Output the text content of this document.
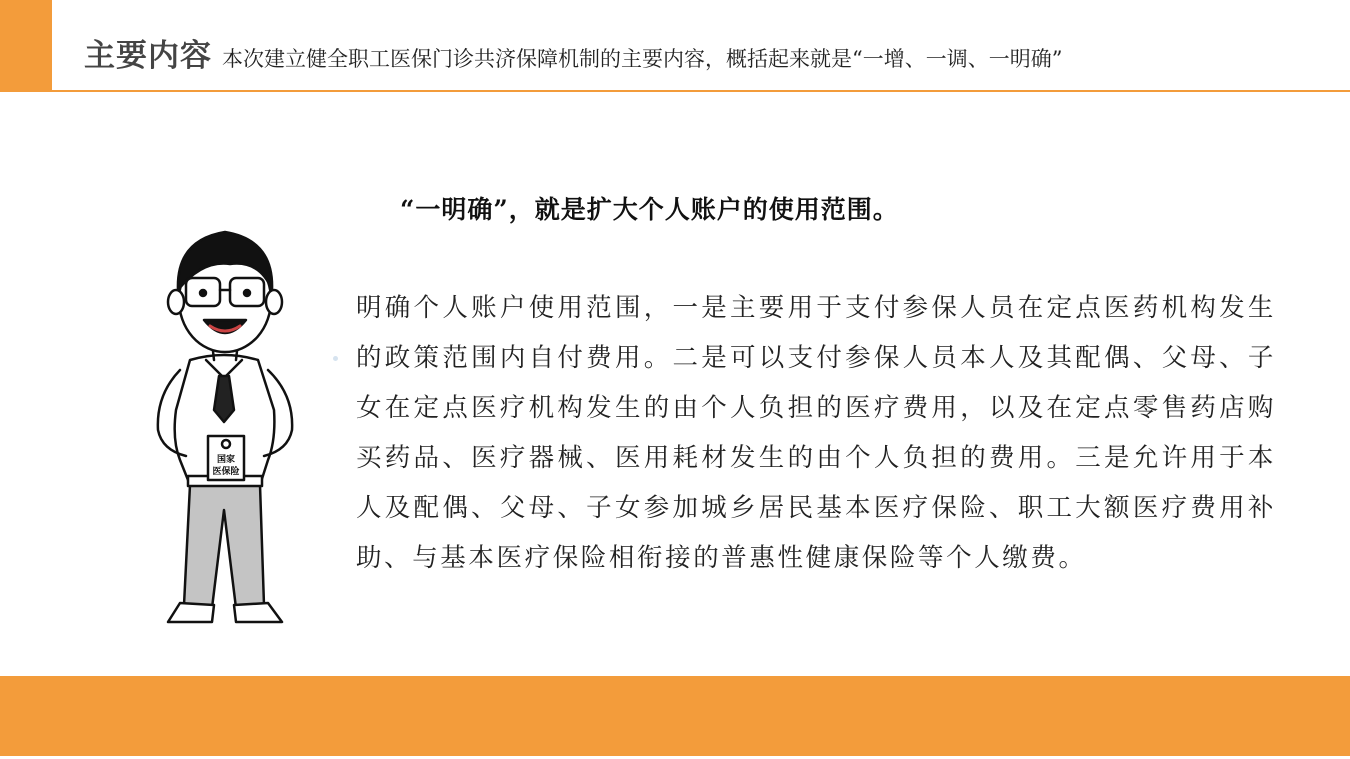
主要内容 本次建立健全职工医保门诊共济保障机制的主要内容，概括起来就是“一增、一调、一明确”
国家
医保险
“一明确”，就是扩大个人账户的使用范围。
明确个人账户使用范围，一是主要用于支付参保人员在定点医药机构发生的政策范围内自付费用。二是可以支付参保人员本人及其配偶、父母、子女在定点医疗机构发生的由个人负担的医疗费用，以及在定点零售药店购买药品、医疗器械、医用耗材发生的由个人负担的费用。三是允许用于本人及配偶、父母、子女参加城乡居民基本医疗保险、职工大额医疗费用补助、与基本医疗保险相衔接的普惠性健康保险等个人缴费。
